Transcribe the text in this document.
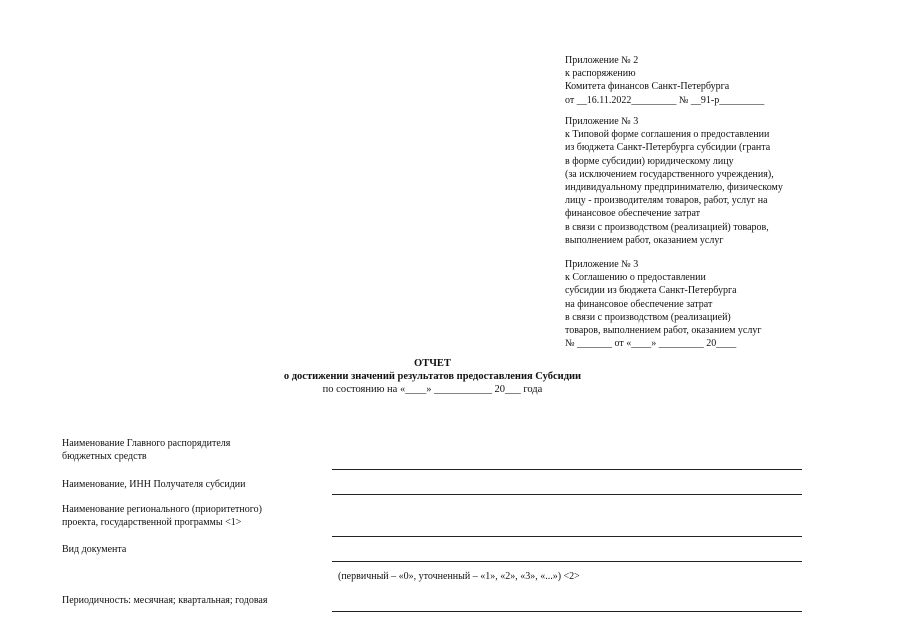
Приложение № 2
к распоряжению
Комитета финансов Санкт-Петербурга
от __16.11.2022_________ № __91-р_________
Приложение № 3
к Типовой форме соглашения о предоставлении
из бюджета Санкт-Петербурга субсидии (гранта
в форме субсидии) юридическому лицу
(за исключением государственного учреждения),
индивидуальному предпринимателю, физическому
лицу - производителям товаров, работ, услуг на
финансовое обеспечение затрат
в связи с производством (реализацией) товаров,
выполнением работ, оказанием услуг
Приложение № 3
к Соглашению о предоставлении
субсидии из бюджета Санкт-Петербурга
на финансовое обеспечение затрат
в связи с производством (реализацией)
товаров, выполнением работ, оказанием услуг
№ _______ от «____» _________ 20____
ОТЧЕТ
о достижении значений результатов предоставления Субсидии
по состоянию на «____» ___________ 20___ года
Наименование Главного распорядителя
бюджетных средств
Наименование, ИНН Получателя субсидии
Наименование регионального (приоритетного)
проекта, государственной программы <1>
Вид документа
(первичный – «0», уточненный – «1», «2», «3», «...») <2>
Периодичность: месячная; квартальная; годовая
